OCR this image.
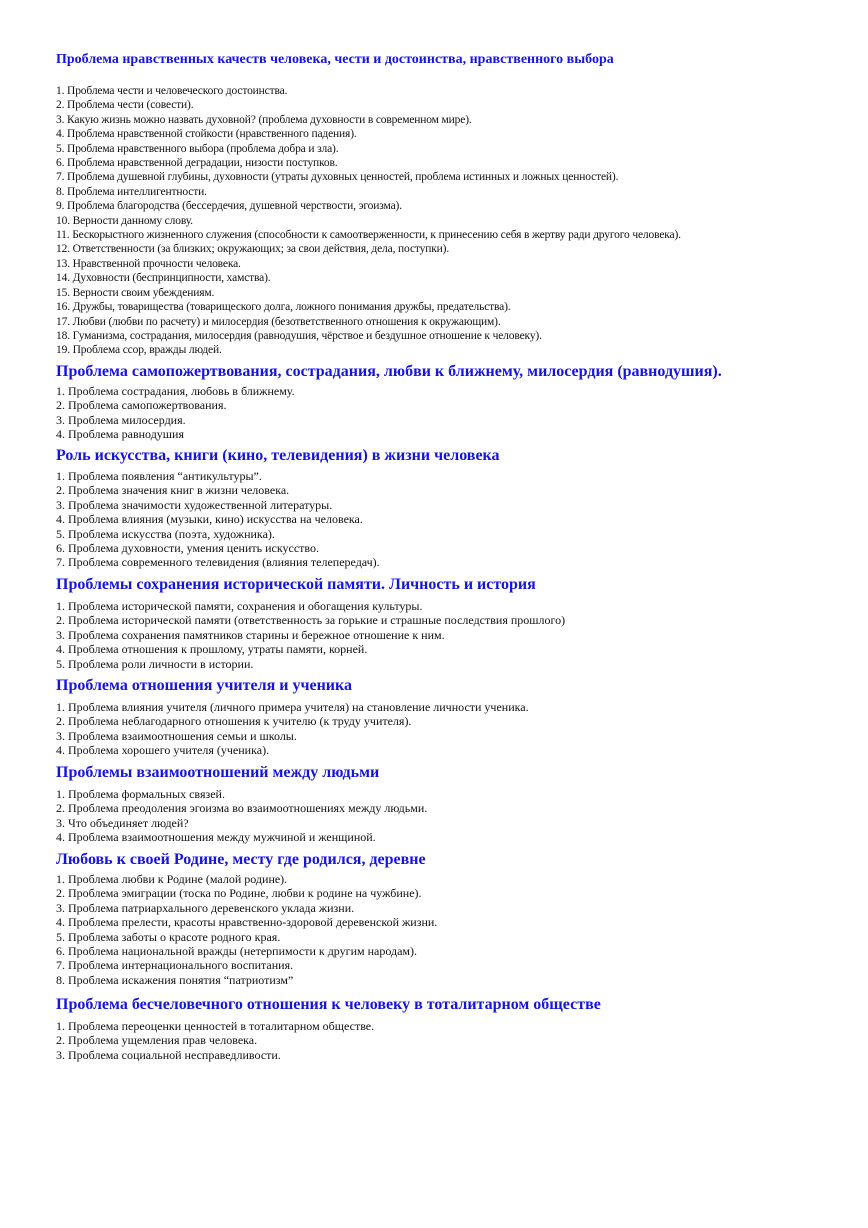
Проблема нравственных качеств человека, чести и достоинства, нравственного выбора
1. Проблема чести и человеческого достоинства.
2. Проблема чести (совести).
3. Какую жизнь можно назвать духовной? (проблема духовности в современном мире).
4. Проблема нравственной стойкости (нравственного падения).
5. Проблема нравственного выбора (проблема добра и зла).
6. Проблема нравственной деградации, низости поступков.
7. Проблема душевной глубины, духовности (утраты духовных ценностей, проблема истинных и ложных ценностей).
8. Проблема интеллигентности.
9. Проблема благородства (бессердечия, душевной черствости, эгоизма).
10. Верности данному слову.
11. Бескорыстного жизненного служения (способности к самоотверженности, к принесению себя в жертву ради другого человека).
12. Ответственности (за близких; окружающих; за свои действия, дела, поступки).
13. Нравственной прочности человека.
14. Духовности (беспринципности, хамства).
15. Верности своим убеждениям.
16. Дружбы, товарищества (товарищеского долга, ложного понимания дружбы, предательства).
17. Любви (любви по расчету) и милосердия (безответственного отношения к окружающим).
18. Гуманизма, сострадания, милосердия (равнодушия, чёрствое и бездушное отношение к человеку).
19. Проблема ссор, вражды людей.
Проблема самопожертвования, сострадания, любви к ближнему, милосердия (равнодушия).
1. Проблема сострадания, любовь в ближнему.
2. Проблема самопожертвования.
3. Проблема милосердия.
4. Проблема равнодушия
Роль искусства, книги (кино, телевидения) в жизни человека
1. Проблема появления “антикультуры”.
2. Проблема значения книг в жизни человека.
3. Проблема значимости художественной литературы.
4. Проблема влияния (музыки, кино) искусства на человека.
5. Проблема искусства (поэта, художника).
6. Проблема духовности, умения ценить искусство.
7. Проблема современного телевидения (влияния телепередач).
Проблемы сохранения исторической памяти. Личность и история
1. Проблема исторической памяти, сохранения и обогащения культуры.
2. Проблема исторической памяти (ответственность за горькие и страшные последствия прошлого)
3. Проблема сохранения памятников старины и бережное отношение к ним.
4. Проблема отношения к прошлому, утраты памяти, корней.
5. Проблема роли личности в истории.
Проблема отношения учителя и ученика
1. Проблема влияния учителя (личного примера учителя) на становление личности ученика.
2. Проблема неблагодарного отношения к учителю (к труду учителя).
3. Проблема взаимоотношения семьи и школы.
4. Проблема хорошего учителя (ученика).
Проблемы взаимоотношений между людьми
1. Проблема формальных связей.
2. Проблема преодоления эгоизма во взаимоотношениях между людьми.
3. Что объединяет людей?
4. Проблема взаимоотношения между мужчиной и женщиной.
Любовь к своей Родине, месту где родился, деревне
1. Проблема любви к Родине (малой родине).
2. Проблема эмиграции (тоска по Родине, любви к родине на чужбине).
3. Проблема патриархального деревенского уклада жизни.
4. Проблема прелести, красоты нравственно-здоровой деревенской жизни.
5. Проблема заботы о красоте родного края.
6. Проблема национальной вражды (нетерпимости к другим народам).
7. Проблема интернационального воспитания.
8. Проблема искажения понятия “патриотизм”
Проблема бесчеловечного отношения к человеку в тоталитарном обществе
1. Проблема переоценки ценностей в тоталитарном обществе.
2. Проблема ущемления прав человека.
3. Проблема социальной несправедливости.
